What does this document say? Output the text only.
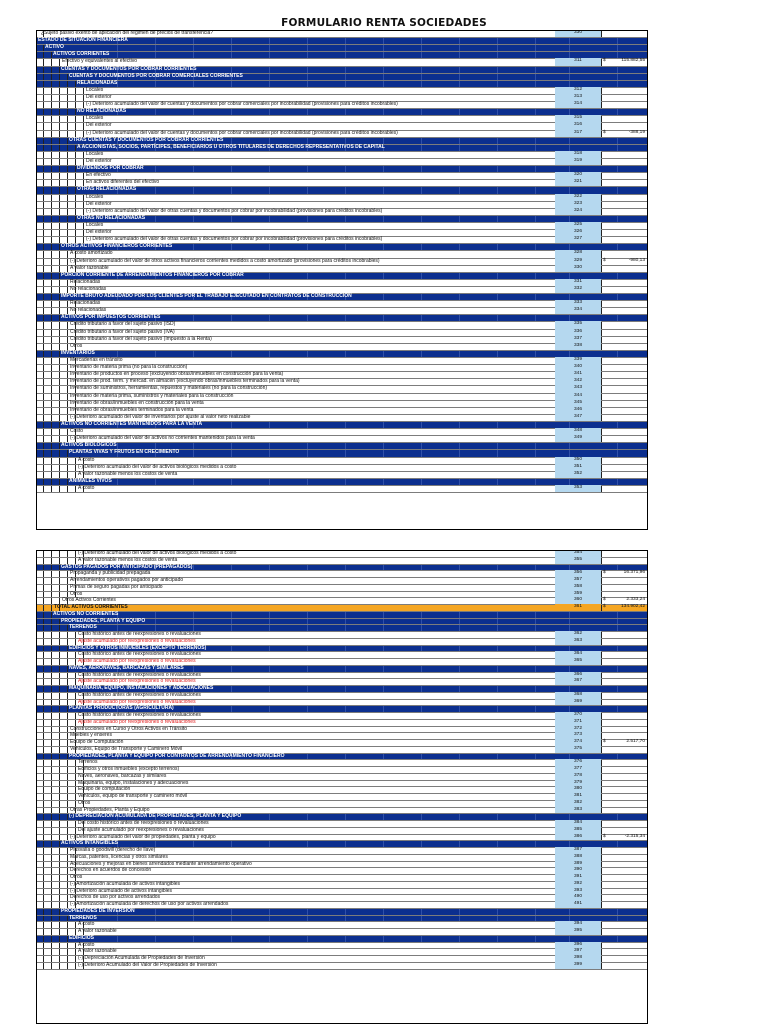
FORMULARIO RENTA SOCIEDADES
¿Sujeto pasivo exento de aplicación del régimen de precios de transferencia?	330
ESTADO DE SITUACIÓN FINANCIERA
ACTIVO
ACTIVOS CORRIENTES
Efectivo y equivalentes al efectivo	311	$	115.882,55
CUENTAS Y DOCUMENTOS POR COBRAR CORRIENTES
CUENTAS Y DOCUMENTOS POR COBRAR COMERCIALES CORRIENTES
RELACIONADAS
Locales	312
Del exterior	313
(-) Deterioro acumulado del valor de cuentas y documentos por cobrar comerciales por incobrabilidad (provisiones para créditos incobrables)	314
NO RELACIONADAS
Locales	315
Del exterior	316
(-) Deterioro acumulado del valor de cuentas y documentos por cobrar comerciales por incobrabilidad (provisiones para créditos incobrables)	317	$	-388,19
OTRAS CUENTAS Y DOCUMENTOS POR COBRAR CORRIENTES
A ACCIONISTAS, SOCIOS, PARTÍCIPES, BENEFICIARIOS U OTROS TITULARES DE DERECHOS REPRESENTATIVOS DE CAPITAL
Locales	318
Del exterior	319
DIVIDENDOS POR COBRAR
En efectivo	320
En activos diferentes del efectivo	321
OTRAS RELACIONADAS
Locales	322
Del exterior	323
(-) Deterioro acumulado del valor de otras cuentas y documentos por cobrar por incobrabilidad (provisiones para créditos incobrables)	324
OTRAS NO RELACIONADAS
Locales	325
Del exterior	326
(-) Deterioro acumulado del valor de otras cuentas y documentos por cobrar por incobrabilidad (provisiones para créditos incobrables)	327
OTROS ACTIVOS FINANCIEROS CORRIENTES
A costo amortizado	328
(-) Deterioro acumulado del valor de otros activos financieros corrientes medidos a costo amortizado (provisiones para créditos incobrables)	329	$	-980,13
A valor razonable	330
PORCIÓN CORRIENTE DE ARRENDAMIENTOS FINANCIEROS POR COBRAR
Relacionadas	331
No relacionadas	332
IMPORTE BRUTO ADEUDADO POR LOS CLIENTES POR EL TRABAJO EJECUTADO EN CONTRATOS DE CONSTRUCCIÓN
Relacionadas	333
No relacionadas	334
ACTIVOS POR IMPUESTOS CORRIENTES
Crédito tributario a favor del sujeto pasivo (ISD)	335
Crédito tributario a favor del sujeto pasivo (IVA)	336
Crédito tributario a favor del sujeto pasivo (Impuesto a la Renta)	337
Otros	338
INVENTARIOS
Mercaderías en tránsito	339
Inventario de materia prima (no para la construcción)	340
Inventario de productos en proceso (excluyendo obras/inmuebles en construcción para la venta)	341
Inventario de prod. term. y mercad. en almacén (excluyendo obras/inmuebles terminados para la venta)	342
Inventario de suministros, herramientas, repuestos y materiales (no para la construcción)	343
Inventario de materia prima, suministros y materiales para la construcción	344
Inventario de obras/inmuebles en construcción para la venta	345
Inventario de obras/inmuebles terminados para la venta	346
(-) Deterioro acumulado del valor de inventarios por ajuste al valor neto realizable	347
ACTIVOS NO CORRIENTES MANTENIDOS PARA LA VENTA
Costo	348
(-) Deterioro acumulado del valor de activos no corrientes mantenidos para la venta	349
ACTIVOS BIOLÓGICOS
PLANTAS VIVAS Y FRUTOS EN CRECIMIENTO
A costo	350
(-) Deterioro acumulado del valor de activos biológicos medidos a costo	351
A valor razonable menos los costos de venta	352
ANIMALES VIVOS
A costo	353
(-) Deterioro acumulado del valor de activos biológicos medidos a costo	354
A valor razonable menos los costos de venta	355
GASTOS PAGADOS POR ANTICIPADO (PREPAGADOS)
Propaganda y publicidad prepagada	356	$	16.371,96
Arrendamientos operativos pagados por anticipado	357
Primas de seguro pagadas por anticipado	358
Otros	359
Otros Activos Corrientes	360	$	2.333,24
TOTAL ACTIVOS CORRIENTES	361	$	134.902,42
ACTIVOS NO CORRIENTES
PROPIEDADES, PLANTA Y EQUIPO
TERRENOS
Costo histórico antes de reexpresiones o revaluaciones	362
Ajuste acumulado por reexpresiones o revaluaciones	363
EDIFICIOS Y OTROS INMUEBLES (EXCEPTO TERRENOS)
Costo histórico antes de reexpresiones o revaluaciones	364
Ajuste acumulado por reexpresiones o revaluaciones	365
NAVES, AERONAVES, BARCAZAS Y SIMILARES
Costo histórico antes de reexpresiones o revaluaciones	366
Ajuste acumulado por reexpresiones o revaluaciones	367
MAQUINARIA, EQUIPO, INSTALACIONES Y ADECUACIONES
Costo histórico antes de reexpresiones o revaluaciones	368
Ajuste acumulado por reexpresiones o revaluaciones	369
PLANTAS PRODUCTORAS (AGRICULTURA)
Costo histórico antes de reexpresiones o revaluaciones	370
Ajuste acumulado por reexpresiones o revaluaciones	371
Construcciones en Curso y Otros Activos en Tránsito	372
Muebles y enseres	373
Equipo de Computación	374	$	2.517,70
Vehículos, Equipo de Transporte y Caminero Móvil	375
PROPIEDADES, PLANTA Y EQUIPO POR CONTRATOS DE ARRENDAMIENTO FINANCIERO
Terrenos	376
Edificios y otros inmuebles (excepto terrenos)	377
Naves, aeronaves, barcazas y similares	378
Maquinaria, equipo, instalaciones y adecuaciones	379
Equipo de computación	380
Vehículos, equipo de transporte y caminero móvil	381
Otros	382
Otras Propiedades, Planta y Equipo	383
(-) DEPRECIACIÓN ACUMULADA DE PROPIEDADES, PLANTA Y EQUIPO
Del costo histórico antes de reexpresiones o revaluaciones	384
Del ajuste acumulado por reexpresiones o revaluaciones	385
(-) Deterioro acumulado del valor de propiedades, planta y equipo	386	$	-2.315,34
ACTIVOS INTANGIBLES
Plusvalía o goodwill (derecho de llave)	387
Marcas, patentes, licencias y otros similares	388
Adecuaciones y mejoras en bienes arrendados mediante arrendamiento operativo	389
Derechos en acuerdos de concesión	390
Otros	391
(-) Amortización acumulada de activos intangibles	392
(-) Deterioro acumulado de activos intangibles	393
Derechos de uso por activos arrendados	490
(-) Amortización acumulada de derechos de uso por activos arrendados	491
PROPIEDADES DE INVERSIÓN
TERRENOS
A costo	394
A valor razonable	395
EDIFICIOS
A costo	396
A valor razonable	397
(-) Depreciación Acumulada de Propiedades de Inversión	398
(-) Deterioro Acumulado del Valor de Propiedades de Inversión	399
